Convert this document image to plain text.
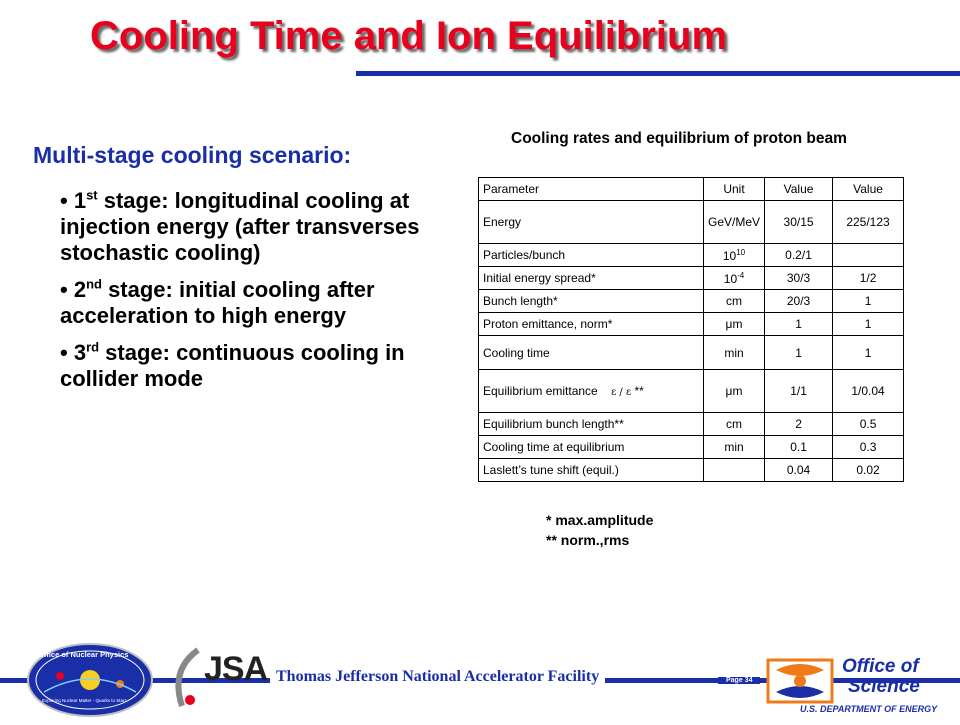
Cooling Time and Ion Equilibrium
Multi-stage cooling scenario:
• 1st stage: longitudinal cooling at injection energy (after transverses stochastic cooling)
• 2nd stage: initial cooling after acceleration to high energy
• 3rd stage: continuous cooling in collider mode
Cooling rates and equilibrium of proton beam
Parameter	Unit	Value	Value
Energy	GeV/MeV	30/15	225/123
Particles/bunch	$10^{10}$	0.2/1	
Initial energy spread*	$10^{-4}$	30/3	1/2
Bunch length*	cm	20/3	1
Proton emittance, norm*	μm	1	1
Cooling time	min	1	1
Equilibrium emittance ε / ε **	μm	1/1	1/0.04
Equilibrium bunch length**	cm	2	0.5
Cooling time at equilibrium	min	0.1	0.3
Laslett’s tune shift (equil.)		0.04	0.02
* max.amplitude
** norm.,rms
Thomas Jefferson National Accelerator Facility	Page 34
Office of Nuclear Physics
Exploring Nuclear Matter - Quarks to Stars
JSA	Office of
Science
U.S. DEPARTMENT OF ENERGY
